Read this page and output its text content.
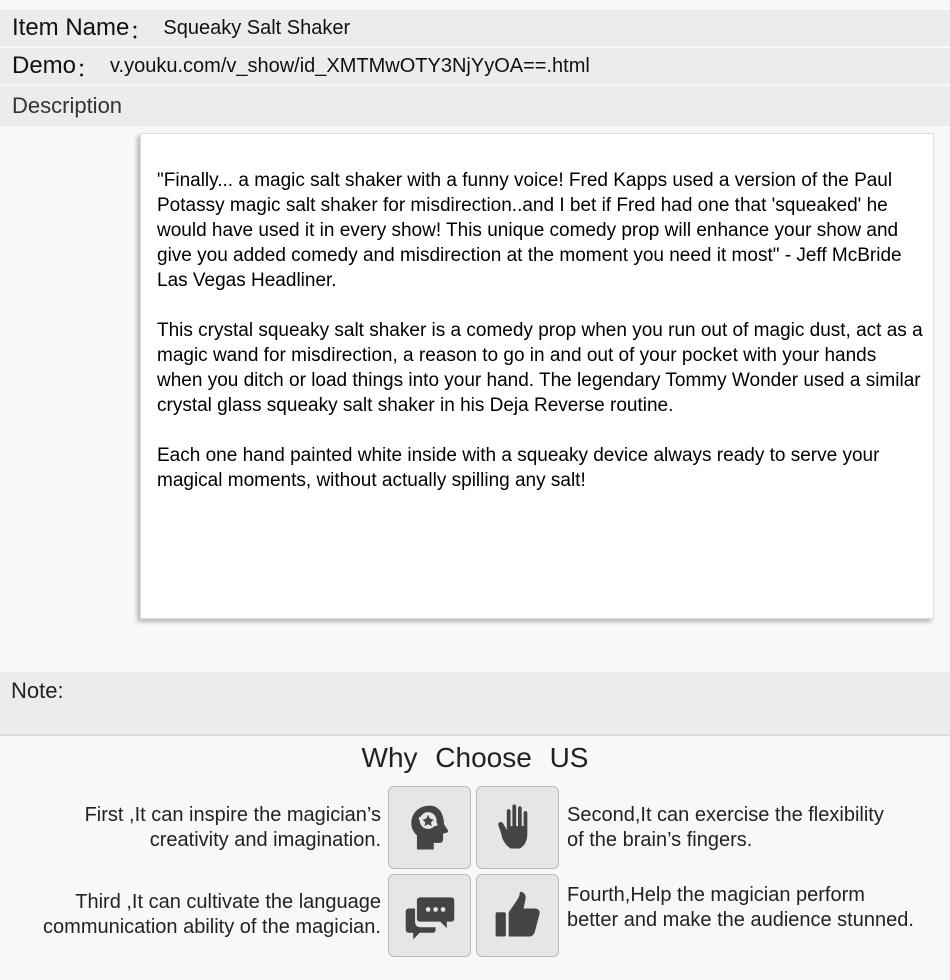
Item Name ： Squeaky Salt Shaker
Demo ： v.youku.com/v_show/id_XMTMwOTY3NjYyOA==.html
Description

"Finally... a magic salt shaker with a funny voice! Fred Kapps used a version of the Paul Potassy magic salt shaker for misdirection..and I bet if Fred had one that 'squeaked' he would have used it in every show! This unique comedy prop will enhance your show and give you added comedy and misdirection at the moment you need it most" - Jeff McBride Las Vegas Headliner.

This crystal squeaky salt shaker is a comedy prop when you run out of magic dust, act as a magic wand for misdirection, a reason to go in and out of your pocket with your hands when you ditch or load things into your hand. The legendary Tommy Wonder used a similar crystal glass squeaky salt shaker in his Deja Reverse routine.

Each one hand painted white inside with a squeaky device always ready to serve your magical moments, without actually spilling any salt!

Note:
Why Choose US
First ,It can inspire the magician’s
creativity and imagination.
Second,It can exercise the flexibility
of the brain’s fingers.
Third ,It can cultivate the language
communication ability of the magician.
Fourth,Help the magician perform
better and make the audience stunned.
